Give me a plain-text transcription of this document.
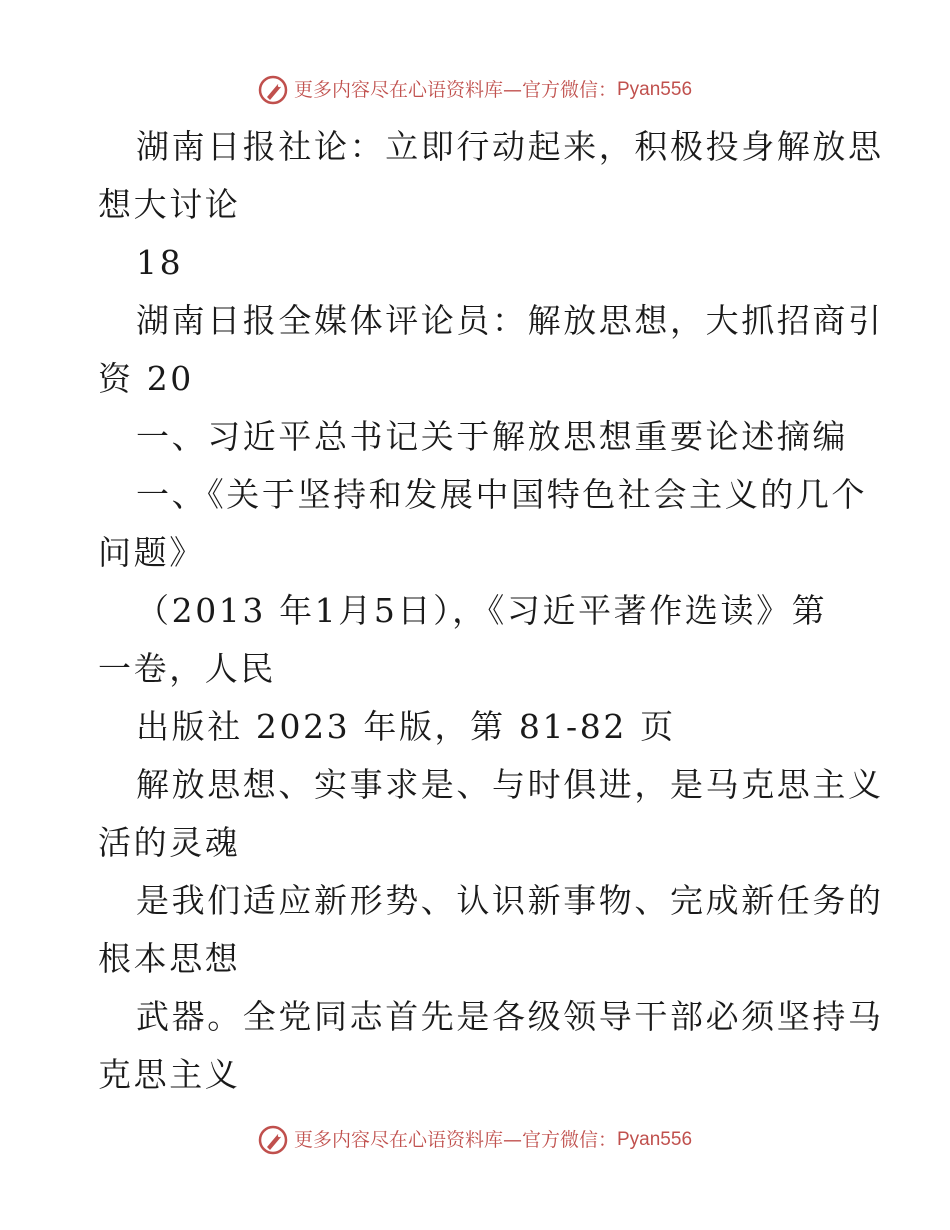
更多内容尽在心语资料库 — 官方微信： Pyan556
湖南日报社论：立即行动起来，积极投身解放思
想大讨论
18
湖南日报全媒体评论员：解放思想，大抓招商引
资 20
一、习近平总书记关于解放思想重要论述摘编
一、《关于坚持和发展中国特色社会主义的几个
问题》
（2013 年1月5日），《习近平著作选读》第
一卷，人民
出版社 2023 年版，第 81-82 页
解放思想、实事求是、与时俱进，是马克思主义
活的灵魂
是我们适应新形势、认识新事物、完成新任务的
根本思想
武器。全党同志首先是各级领导干部必须坚持马
克思主义
更多内容尽在心语资料库 — 官方微信： Pyan556
